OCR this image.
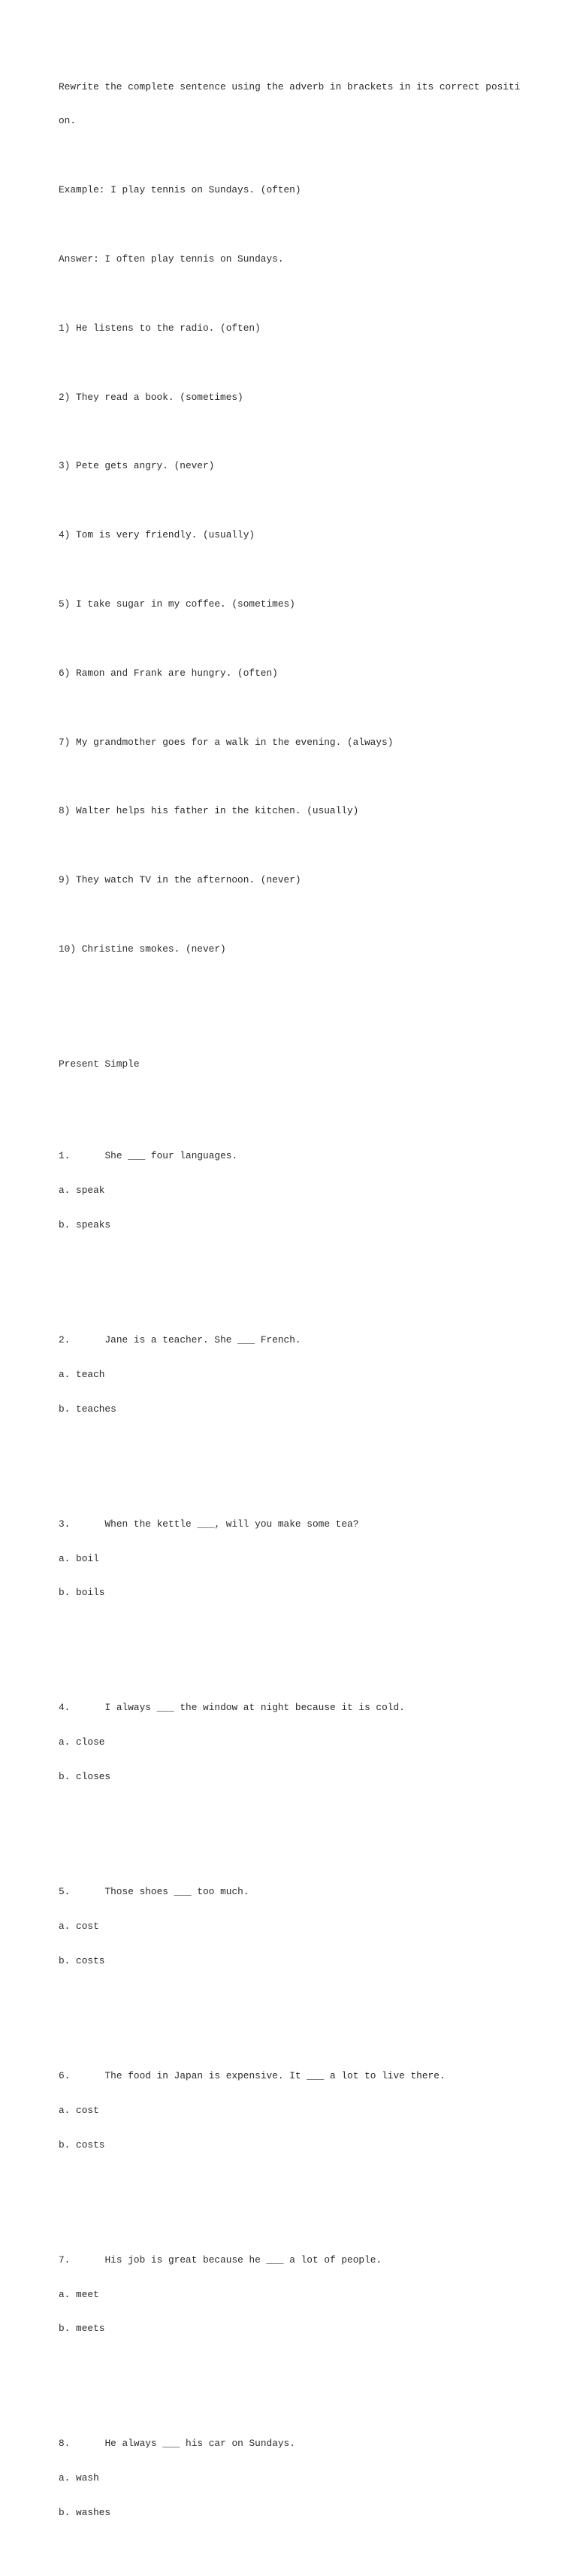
Rewrite the complete sentence using the adverb in brackets in its correct positi

on.

Example: I play tennis on Sundays. (often)

Answer: I often play tennis on Sundays.

1) He listens to the radio. (often)

2) They read a book. (sometimes)

3) Pete gets angry. (never)

4) Tom is very friendly. (usually)

5) I take sugar in my coffee. (sometimes)

6) Ramon and Frank are hungry. (often)

7) My grandmother goes for a walk in the evening. (always)

8) Walter helps his father in the kitchen. (usually)

9) They watch TV in the afternoon. (never)

10) Christine smokes. (never)

Present Simple

1.	She ___ four languages.

a. speak

b. speaks

2.	Jane is a teacher. She ___ French.

a. teach

b. teaches

3.	When the kettle ___, will you make some tea?

a. boil

b. boils

4.	I always ___ the window at night because it is cold.

a. close

b. closes

5.	Those shoes ___ too much.

a. cost

b. costs

6.	The food in Japan is expensive. It ___ a lot to live there.

a. cost

b. costs

7.	His job is great because he ___ a lot of people.

a. meet

b. meets

8.	He always ___ his car on Sundays.

a. wash

b. washes
